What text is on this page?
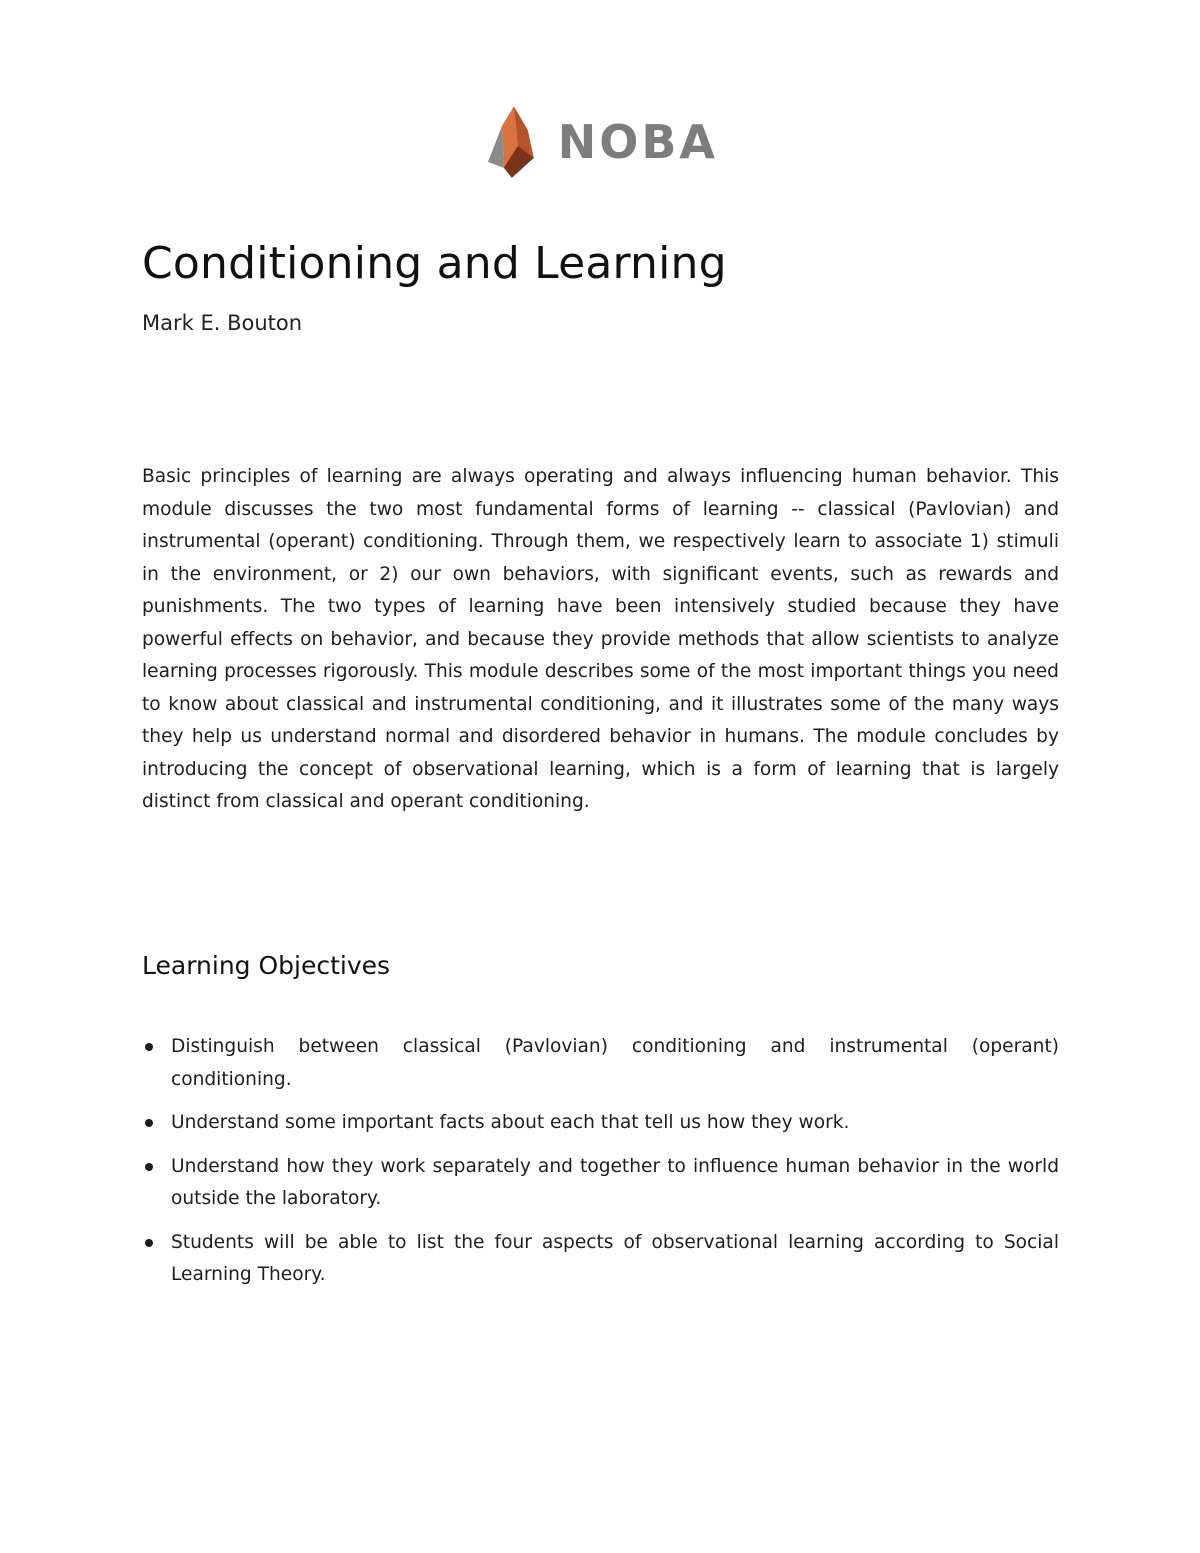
NOBA
Conditioning and Learning

Mark E. Bouton

Basic principles of learning are always operating and always influencing human behavior. This module discusses the two most fundamental forms of learning -- classical (Pavlovian) and instrumental (operant) conditioning. Through them, we respectively learn to associate 1) stimuli in the environment, or 2) our own behaviors, with significant events, such as rewards and punishments. The two types of learning have been intensively studied because they have powerful effects on behavior, and because they provide methods that allow scientists to analyze learning processes rigorously. This module describes some of the most important things you need to know about classical and instrumental conditioning, and it illustrates some of the many ways they help us understand normal and disordered behavior in humans. The module concludes by introducing the concept of observational learning, which is a form of learning that is largely distinct from classical and operant conditioning.

Learning Objectives
Distinguish between classical (Pavlovian) conditioning and instrumental (operant) conditioning.
Understand some important facts about each that tell us how they work.
Understand how they work separately and together to influence human behavior in the world outside the laboratory.
Students will be able to list the four aspects of observational learning according to Social Learning Theory.
